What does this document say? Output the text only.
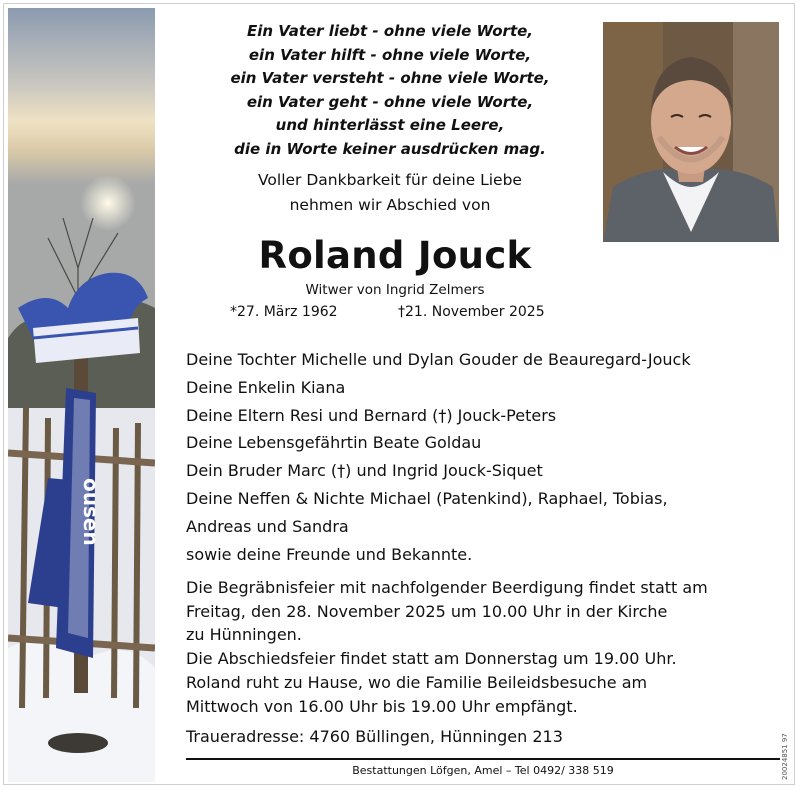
ousen
Ein Vater liebt - ohne viele Worte,
ein Vater hilft - ohne viele Worte,
ein Vater versteht - ohne viele Worte,
ein Vater geht - ohne viele Worte,
und hinterlässt eine Leere,
die in Worte keiner ausdrücken mag.
Voller Dankbarkeit für deine Liebe
nehmen wir Abschied von
Roland Jouck
Witwer von Ingrid Zelmers
*27. März 1962	†21. November 2025
Deine Tochter Michelle und Dylan Gouder de Beauregard-Jouck
Deine Enkelin Kiana
Deine Eltern Resi und Bernard (†) Jouck-Peters
Deine Lebensgefährtin Beate Goldau
Dein Bruder Marc (†) und Ingrid Jouck-Siquet
Deine Neffen & Nichte Michael (Patenkind), Raphael, Tobias,
Andreas und Sandra
sowie deine Freunde und Bekannte.
Die Begräbnisfeier mit nachfolgender Beerdigung findet statt am
Freitag, den 28. November 2025 um 10.00 Uhr in der Kirche
zu Hünningen.
Die Abschiedsfeier findet statt am Donnerstag um 19.00 Uhr.
Roland ruht zu Hause, wo die Familie Beileidsbesuche am
Mittwoch von 16.00 Uhr bis 19.00 Uhr empfängt.
Traueradresse: 4760 Büllingen, Hünningen 213
Bestattungen Löfgen, Amel – Tel 0492/ 338 519	20024851 97
